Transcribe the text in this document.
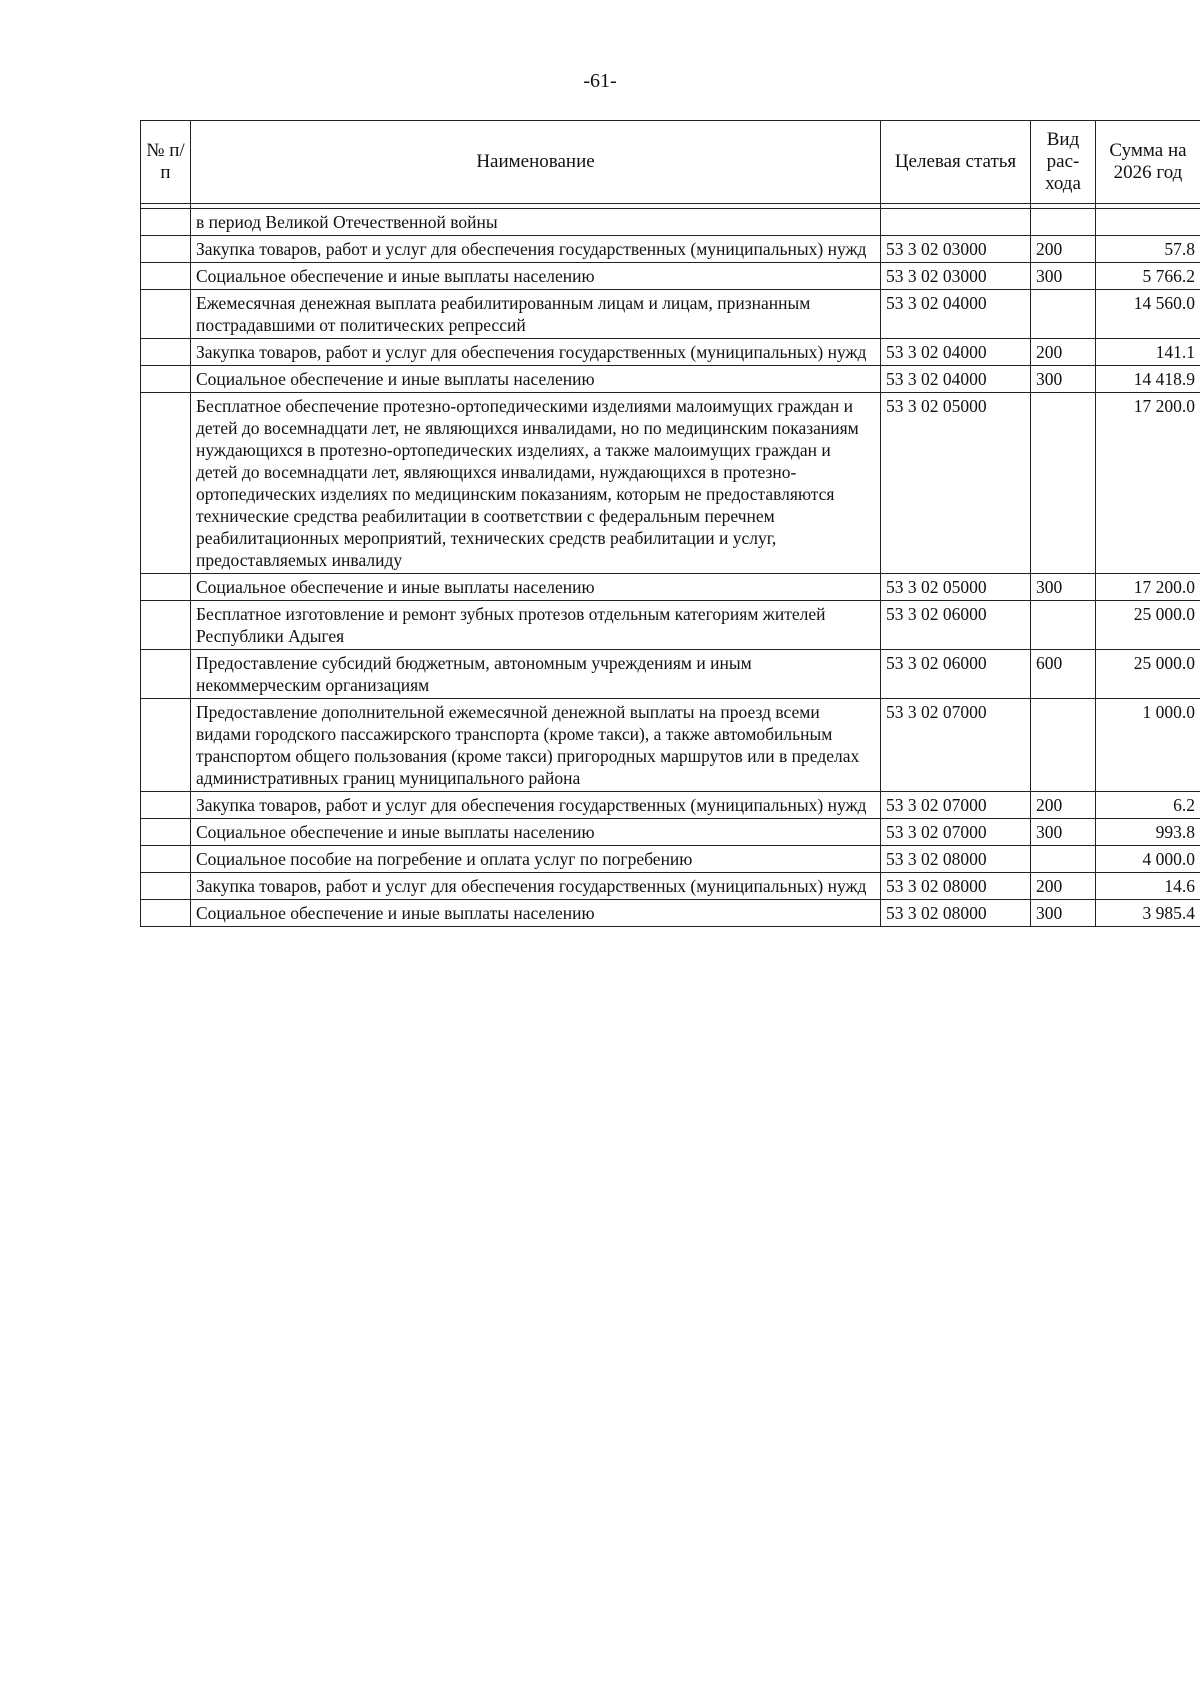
-61-
№ п/п	Наименование	Целевая статья	Вид рас-хода	Сумма на 2026 год

	в период Великой Отечественной войны			
	Закупка товаров, работ и услуг для обеспечения государственных (муниципальных) нужд	53 3 02 03000	200	57.8
	Социальное обеспечение и иные выплаты населению	53 3 02 03000	300	5 766.2
	Ежемесячная денежная выплата реабилитированным лицам и лицам, признанным пострадавшими от политических репрессий	53 3 02 04000		14 560.0
	Закупка товаров, работ и услуг для обеспечения государственных (муниципальных) нужд	53 3 02 04000	200	141.1
	Социальное обеспечение и иные выплаты населению	53 3 02 04000	300	14 418.9
	Бесплатное обеспечение протезно-ортопедическими изделиями малоимущих граждан и детей до восемнадцати лет, не являющихся инвалидами, но по медицинским показаниям нуждающихся в протезно-ортопедических изделиях, а также малоимущих граждан и детей до восемнадцати лет, являющихся инвалидами, нуждающихся в протезно-ортопедических изделиях по медицинским показаниям, которым не предоставляются технические средства реабилитации в соответствии с федеральным перечнем реабилитационных мероприятий, технических средств реабилитации и услуг, предоставляемых инвалиду	53 3 02 05000		17 200.0
	Социальное обеспечение и иные выплаты населению	53 3 02 05000	300	17 200.0
	Бесплатное изготовление и ремонт зубных протезов отдельным категориям жителей Республики Адыгея	53 3 02 06000		25 000.0
	Предоставление субсидий бюджетным, автономным учреждениям и иным некоммерческим организациям	53 3 02 06000	600	25 000.0
	Предоставление дополнительной ежемесячной денежной выплаты на проезд всеми видами городского пассажирского транспорта (кроме такси), а также автомобильным транспортом общего пользования (кроме такси) пригородных маршрутов или в пределах административных границ муниципального района	53 3 02 07000		1 000.0
	Закупка товаров, работ и услуг для обеспечения государственных (муниципальных) нужд	53 3 02 07000	200	6.2
	Социальное обеспечение и иные выплаты населению	53 3 02 07000	300	993.8
	Социальное пособие на погребение и оплата услуг по погребению	53 3 02 08000		4 000.0
	Закупка товаров, работ и услуг для обеспечения государственных (муниципальных) нужд	53 3 02 08000	200	14.6
	Социальное обеспечение и иные выплаты населению	53 3 02 08000	300	3 985.4
